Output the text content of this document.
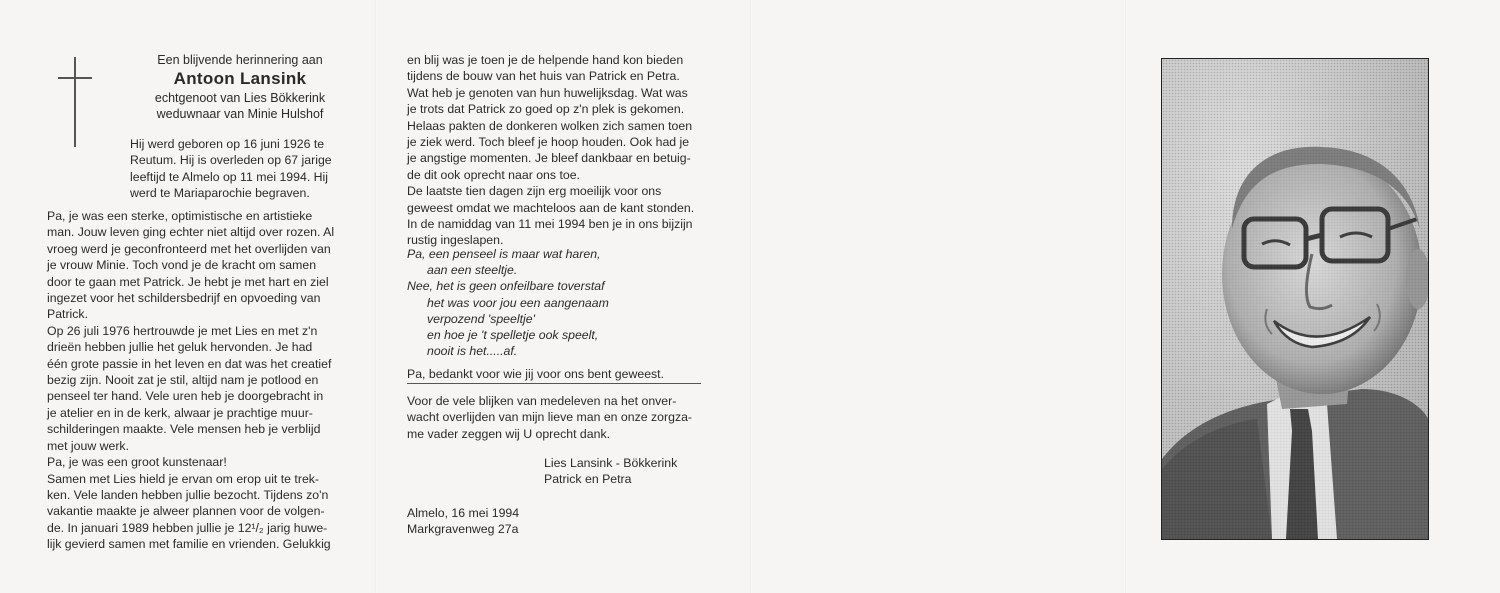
Een blijvende herinnering aan
Antoon Lansink
echtgenoot van Lies Bökkerink
weduwnaar van Minie Hulshof
Hij werd geboren op 16 juni 1926 te
Reutum. Hij is overleden op 67 jarige
leeftijd te Almelo op 11 mei 1994. Hij
werd te Mariaparochie begraven.
Pa, je was een sterke, optimistische en artistieke
man. Jouw leven ging echter niet altijd over rozen. Al
vroeg werd je geconfronteerd met het overlijden van
je vrouw Minie. Toch vond je de kracht om samen
door te gaan met Patrick. Je hebt je met hart en ziel
ingezet voor het schildersbedrijf en opvoeding van
Patrick.
Op 26 juli 1976 hertrouwde je met Lies en met z'n
drieën hebben jullie het geluk hervonden. Je had
één grote passie in het leven en dat was het creatief
bezig zijn. Nooit zat je stil, altijd nam je potlood en
penseel ter hand. Vele uren heb je doorgebracht in
je atelier en in de kerk, alwaar je prachtige muur-
schilderingen maakte. Vele mensen heb je verblijd
met jouw werk.
Pa, je was een groot kunstenaar!
Samen met Lies hield je ervan om erop uit te trek-
ken. Vele landen hebben jullie bezocht. Tijdens zo'n
vakantie maakte je alweer plannen voor de volgen-
de. In januari 1989 hebben jullie je 12¹/₂ jarig huwe-
lijk gevierd samen met familie en vrienden. Gelukkig
en blij was je toen je de helpende hand kon bieden
tijdens de bouw van het huis van Patrick en Petra.
Wat heb je genoten van hun huwelijksdag. Wat was
je trots dat Patrick zo goed op z'n plek is gekomen.
Helaas pakten de donkeren wolken zich samen toen
je ziek werd. Toch bleef je hoop houden. Ook had je
je angstige momenten. Je bleef dankbaar en betuig-
de dit ook oprecht naar ons toe.
De laatste tien dagen zijn erg moeilijk voor ons
geweest omdat we machteloos aan de kant stonden.
In de namiddag van 11 mei 1994 ben je in ons bijzijn
rustig ingeslapen.
Pa, een penseel is maar wat haren,
aan een steeltje.
Nee, het is geen onfeilbare toverstaf
het was voor jou een aangenaam
verpozend 'speeltje'
en hoe je 't spelletje ook speelt,
nooit is het.....af.
Pa, bedankt voor wie jij voor ons bent geweest.
Voor de vele blijken van medeleven na het onver-
wacht overlijden van mijn lieve man en onze zorgza-
me vader zeggen wij U oprecht dank.
Lies Lansink - Bökkerink
Patrick en Petra
Almelo, 16 mei 1994
Markgravenweg 27a
